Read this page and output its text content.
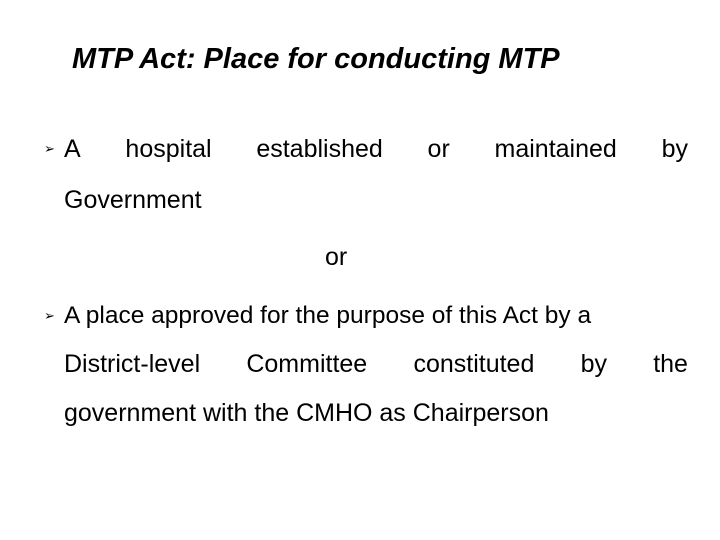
MTP Act: Place for conducting MTP
➢ A hospital established or maintained by
Government
or
➢ A place approved for the purpose of this Act by a
District-level Committee constituted by the
government with the CMHO as Chairperson
